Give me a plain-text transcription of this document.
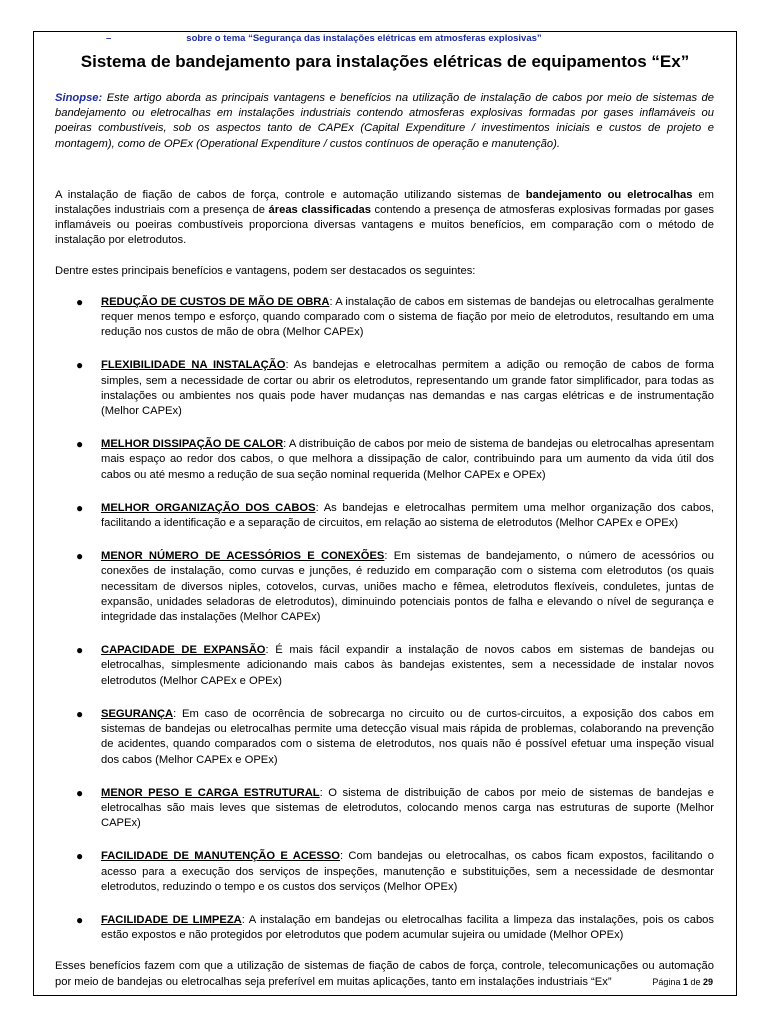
–	sobre o tema “Segurança das instalações elétricas em atmosferas explosivas”
Sistema de bandejamento para instalações elétricas de equipamentos “Ex”

Sinopse: Este artigo aborda as principais vantagens e benefícios na utilização de instalação de cabos por meio de sistemas de bandejamento ou eletrocalhas em instalações industriais contendo atmosferas explosivas formadas por gases inflamáveis ou poeiras combustíveis, sob os aspectos tanto de CAPEx (Capital Expenditure / investimentos iniciais e custos de projeto e montagem), como de OPEx (Operational Expenditure / custos contínuos de operação e manutenção).

A instalação de fiação de cabos de força, controle e automação utilizando sistemas de bandejamento ou eletrocalhas em instalações industriais com a presença de áreas classificadas contendo a presença de atmosferas explosivas formadas por gases inflamáveis ou poeiras combustíveis proporciona diversas vantagens e muitos benefícios, em comparação com o método de instalação por eletrodutos.

Dentre estes principais benefícios e vantagens, podem ser destacados os seguintes:

● REDUÇÃO DE CUSTOS DE MÃO DE OBRA: A instalação de cabos em sistemas de bandejas ou eletrocalhas geralmente requer menos tempo e esforço, quando comparado com o sistema de fiação por meio de eletrodutos, resultando em uma redução nos custos de mão de obra (Melhor CAPEx)
● FLEXIBILIDADE NA INSTALAÇÃO: As bandejas e eletrocalhas permitem a adição ou remoção de cabos de forma simples, sem a necessidade de cortar ou abrir os eletrodutos, representando um grande fator simplificador, para todas as instalações ou ambientes nos quais pode haver mudanças nas demandas e nas cargas elétricas e de instrumentação (Melhor CAPEx)
● MELHOR DISSIPAÇÃO DE CALOR: A distribuição de cabos por meio de sistema de bandejas ou eletrocalhas apresentam mais espaço ao redor dos cabos, o que melhora a dissipação de calor, contribuindo para um aumento da vida útil dos cabos ou até mesmo a redução de sua seção nominal requerida (Melhor CAPEx e OPEx)
● MELHOR ORGANIZAÇÃO DOS CABOS: As bandejas e eletrocalhas permitem uma melhor organização dos cabos, facilitando a identificação e a separação de circuitos, em relação ao sistema de eletrodutos (Melhor CAPEx e OPEx)
● MENOR NÚMERO DE ACESSÓRIOS E CONEXÕES: Em sistemas de bandejamento, o número de acessórios ou conexões de instalação, como curvas e junções, é reduzido em comparação com o sistema com eletrodutos (os quais necessitam de diversos niples, cotovelos, curvas, uniões macho e fêmea, eletrodutos flexíveis, conduletes, juntas de expansão, unidades seladoras de eletrodutos), diminuindo potenciais pontos de falha e elevando o nível de segurança e integridade das instalações (Melhor CAPEx)
● CAPACIDADE DE EXPANSÃO: É mais fácil expandir a instalação de novos cabos em sistemas de bandejas ou eletrocalhas, simplesmente adicionando mais cabos às bandejas existentes, sem a necessidade de instalar novos eletrodutos (Melhor CAPEx e OPEx)
● SEGURANÇA: Em caso de ocorrência de sobrecarga no circuito ou de curtos-circuitos, a exposição dos cabos em sistemas de bandejas ou eletrocalhas permite uma detecção visual mais rápida de problemas, colaborando na prevenção de acidentes, quando comparados com o sistema de eletrodutos, nos quais não é possível efetuar uma inspeção visual dos cabos (Melhor CAPEx e OPEx)
● MENOR PESO E CARGA ESTRUTURAL: O sistema de distribuição de cabos por meio de sistemas de bandejas e eletrocalhas são mais leves que sistemas de eletrodutos, colocando menos carga nas estruturas de suporte (Melhor CAPEx)
● FACILIDADE DE MANUTENÇÃO E ACESSO: Com bandejas ou eletrocalhas, os cabos ficam expostos, facilitando o acesso para a execução dos serviços de inspeções, manutenção e substituições, sem a necessidade de desmontar eletrodutos, reduzindo o tempo e os custos dos serviços (Melhor OPEx)
● FACILIDADE DE LIMPEZA: A instalação em bandejas ou eletrocalhas facilita a limpeza das instalações, pois os cabos estão expostos e não protegidos por eletrodutos que podem acumular sujeira ou umidade (Melhor OPEx)

Esses benefícios fazem com que a utilização de sistemas de fiação de cabos de força, controle, telecomunicações ou automação por meio de bandejas ou eletrocalhas seja preferível em muitas aplicações, tanto em instalações industriais “Ex”	Página 1 de 29
